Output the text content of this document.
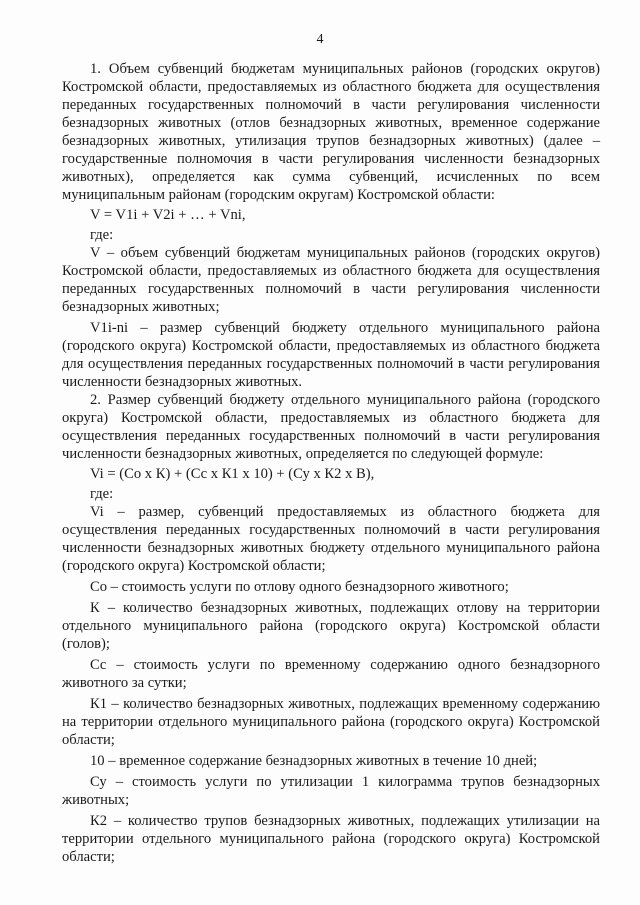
4

1. Объем субвенций бюджетам муниципальных районов (городских округов) Костромской области, предоставляемых из областного бюджета для осуществления переданных государственных полномочий в части регулирования численности безнадзорных животных (отлов безнадзорных животных, временное содержание безнадзорных животных, утилизация трупов безнадзорных животных) (далее – государственные полномочия в части регулирования численности безнадзорных животных), определяется как сумма субвенций, исчисленных по всем муниципальным районам (городским округам) Костромской области:

V = V1i + V2i + … + Vni,

где:

V – объем субвенций бюджетам муниципальных районов (городских округов) Костромской области, предоставляемых из областного бюджета для осуществления переданных государственных полномочий в части регулирования численности безнадзорных животных;

V1i-ni – размер субвенций бюджету отдельного муниципального района (городского округа) Костромской области, предоставляемых из областного бюджета для осуществления переданных государственных полномочий в части регулирования численности безнадзорных животных.

2. Размер субвенций бюджету отдельного муниципального района (городского округа) Костромской области, предоставляемых из областного бюджета для осуществления переданных государственных полномочий в части регулирования численности безнадзорных животных, определяется по следующей формуле:

Vi = (Со х К) + (Сс х К1 х 10) + (Су х К2 х В),

где:

Vi – размер, субвенций предоставляемых из областного бюджета для осуществления переданных государственных полномочий в части регулирования численности безнадзорных животных бюджету отдельного муниципального района (городского округа) Костромской области;

Со – стоимость услуги по отлову одного безнадзорного животного;

К – количество безнадзорных животных, подлежащих отлову на территории отдельного муниципального района (городского округа) Костромской области (голов);

Сс – стоимость услуги по временному содержанию одного безнадзорного животного за сутки;

К1 – количество безнадзорных животных, подлежащих временному содержанию на территории отдельного муниципального района (городского округа) Костромской области;

10 – временное содержание безнадзорных животных в течение 10 дней;

Су – стоимость услуги по утилизации 1 килограмма трупов безнадзорных животных;

К2 – количество трупов безнадзорных животных, подлежащих утилизации на территории отдельного муниципального района (городского округа) Костромской области;
